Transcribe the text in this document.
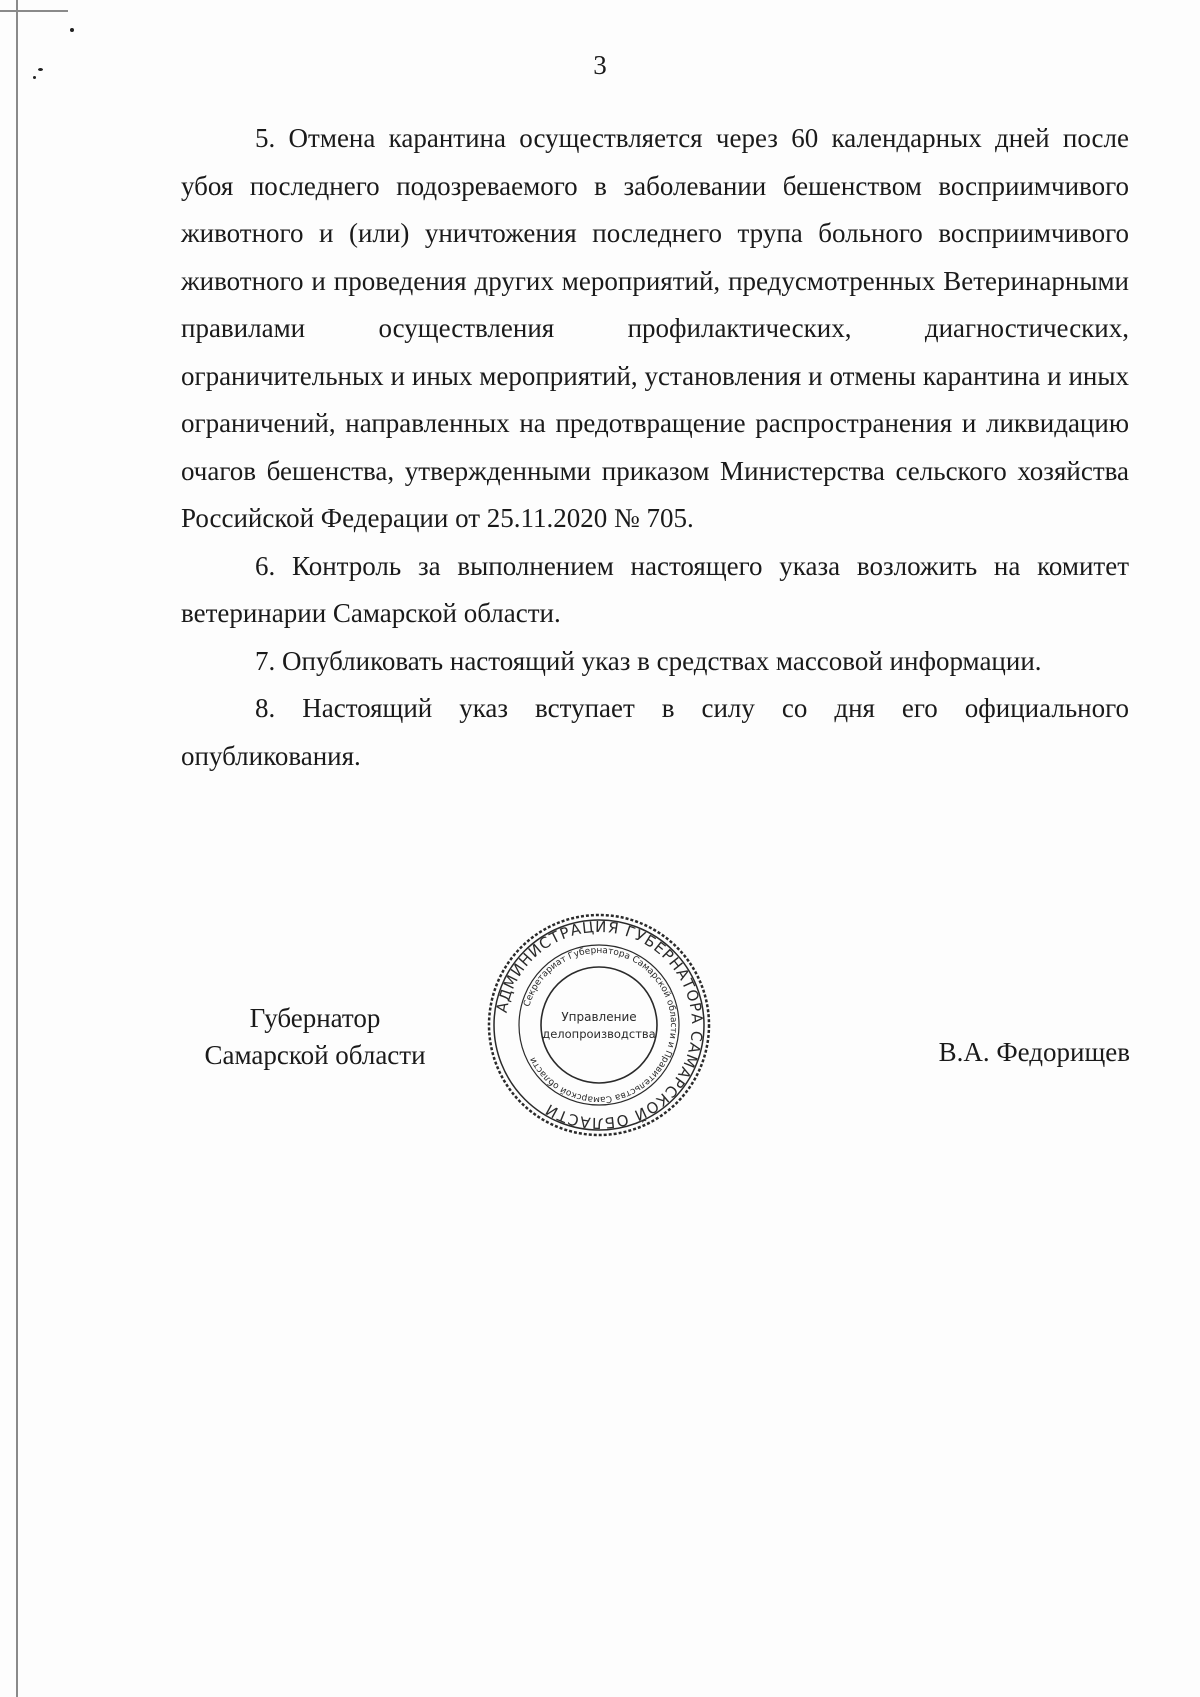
3

5. Отмена карантина осуществляется через 60 календарных дней после убоя последнего подозреваемого в заболевании бешенством восприимчивого животного и (или) уничтожения последнего трупа больного восприимчивого животного и проведения других мероприятий, предусмотренных Ветеринарными правилами осуществления профилактических, диагностических, ограничительных и иных мероприятий, установления и отмены карантина и иных ограничений, направленных на предотвращение распространения и ликвидацию очагов бешенства, утвержденными приказом Министерства сельского хозяйства Российской Федерации от 25.11.2020 № 705.

6. Контроль за выполнением настоящего указа возложить на комитет ветеринарии Самарской области.

7. Опубликовать настоящий указ в средствах массовой информации.

8. Настоящий указ вступает в силу со дня его официального опубликования.

Губернатор
Самарской области
АДМИНИСТРАЦИЯ ГУБЕРНАТОРА САМАРСКОЙ ОБЛАСТИ
Секретариат Губернатора Самарской области и Правительства Самарской области
Управление
делопроизводства
В.А. Федорищев
